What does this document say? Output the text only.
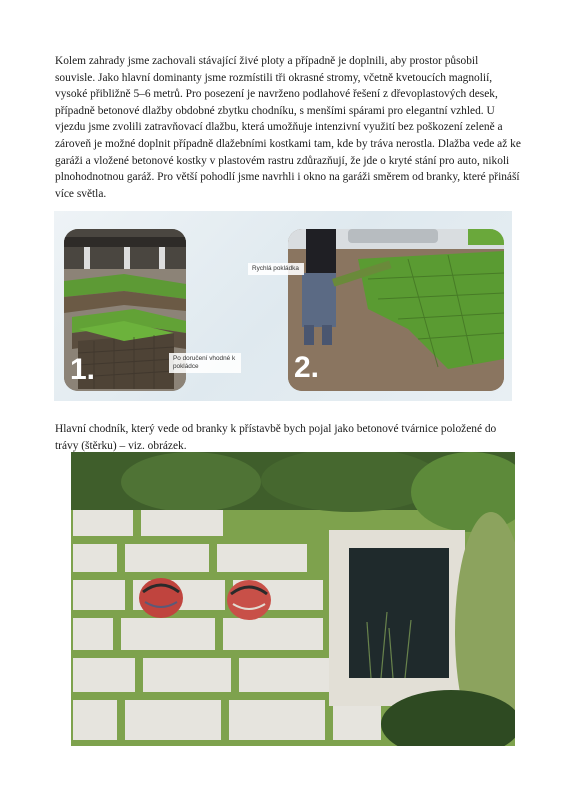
Kolem zahrady jsme zachovali stávající živé ploty a případně je doplnili, aby prostor působil souvisle. Jako hlavní dominanty jsme rozmístili tři okrasné stromy, včetně kvetoucích magnolií, vysoké přibližně 5–6 metrů. Pro posezení je navrženo podlahové řešení z dřevoplastových desek, případně betonové dlažby obdobné zbytku chodníku, s menšími spárami pro elegantní vzhled. U vjezdu jsme zvolili zatravňovací dlažbu, která umožňuje intenzivní využití bez poškození zeleně a zároveň je možné doplnit případně dlažebními kostkami tam, kde by tráva nerostla. Dlažba vede až ke garáži a vložené betonové kostky v plastovém rastru zdůrazňují, že jde o kryté stání pro auto, nikoli plnohodnotnou garáž. Pro větší pohodlí jsme navrhli i okno na garáži směrem od branky, které přináší více světla.

1.	Po doručení vhodné k pokládce	2.
Rychlá pokládka

Hlavní chodník, který vede od branky k přístavbě bych pojal jako betonové tvárnice položené do trávy (štěrku) – viz. obrázek.
